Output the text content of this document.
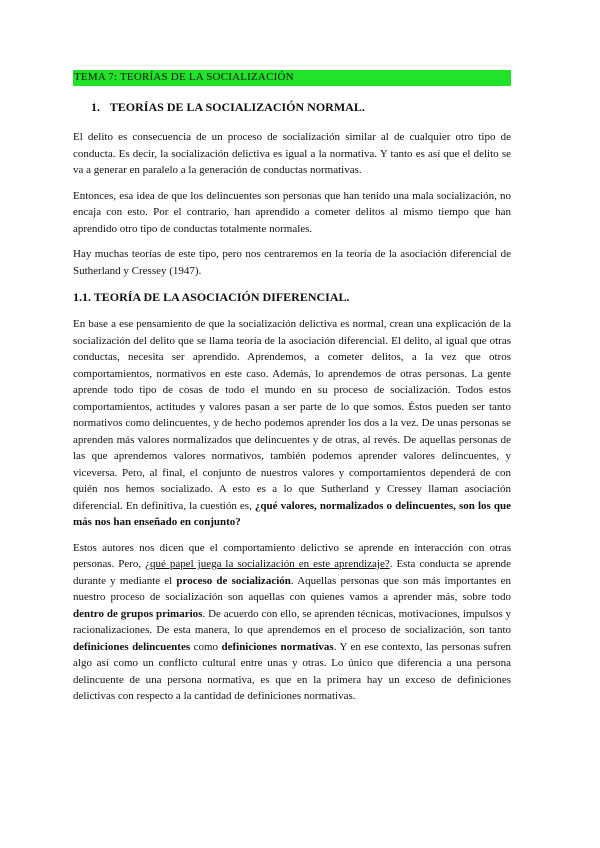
TEMA 7: TEORÍAS DE LA SOCIALIZACIÓN
1. TEORÍAS DE LA SOCIALIZACIÓN NORMAL.

El delito es consecuencia de un proceso de socialización similar al de cualquier otro tipo de conducta. Es decir, la socialización delictiva es igual a la normativa. Y tanto es así que el delito se va a generar en paralelo a la generación de conductas normativas.

Entonces, esa idea de que los delincuentes son personas que han tenido una mala socialización, no encaja con esto. Por el contrario, han aprendido a cometer delitos al mismo tiempo que han aprendido otro tipo de conductas totalmente normales.

Hay muchas teorías de este tipo, pero nos centraremos en la teoría de la asociación diferencial de Sutherland y Cressey (1947).

1.1. TEORÍA DE LA ASOCIACIÓN DIFERENCIAL.

En base a ese pensamiento de que la socialización delictiva es normal, crean una explicación de la socialización del delito que se llama teoría de la asociación diferencial. El delito, al igual que otras conductas, necesita ser aprendido. Aprendemos, a cometer delitos, a la vez que otros comportamientos, normativos en este caso. Además, lo aprendemos de otras personas. La gente aprende todo tipo de cosas de todo el mundo en su proceso de socialización. Todos estos comportamientos, actitudes y valores pasan a ser parte de lo que somos. Éstos pueden ser tanto normativos como delincuentes, y de hecho podemos aprender los dos a la vez. De unas personas se aprenden más valores normalizados que delincuentes y de otras, al revés. De aquellas personas de las que aprendemos valores normativos, también podemos aprender valores delincuentes, y viceversa. Pero, al final, el conjunto de nuestros valores y comportamientos dependerá de con quién nos hemos socializado. A esto es a lo que Sutherland y Cressey llaman asociación diferencial. En definitiva, la cuestión es, ¿qué valores, normalizados o delincuentes, son los que más nos han enseñado en conjunto?

Estos autores nos dicen que el comportamiento delictivo se aprende en interacción con otras personas. Pero, ¿qué papel juega la socialización en este aprendizaje?. Esta conducta se aprende durante y mediante el proceso de socialización. Aquellas personas que son más importantes en nuestro proceso de socialización son aquellas con quienes vamos a aprender más, sobre todo dentro de grupos primarios. De acuerdo con ello, se aprenden técnicas, motivaciones, impulsos y racionalizaciones. De esta manera, lo que aprendemos en el proceso de socialización, son tanto definiciones delincuentes como definiciones normativas. Y en ese contexto, las personas sufren algo así como un conflicto cultural entre unas y otras. Lo único que diferencia a una persona delincuente de una persona normativa, es que en la primera hay un exceso de definiciones delictivas con respecto a la cantidad de definiciones normativas.
